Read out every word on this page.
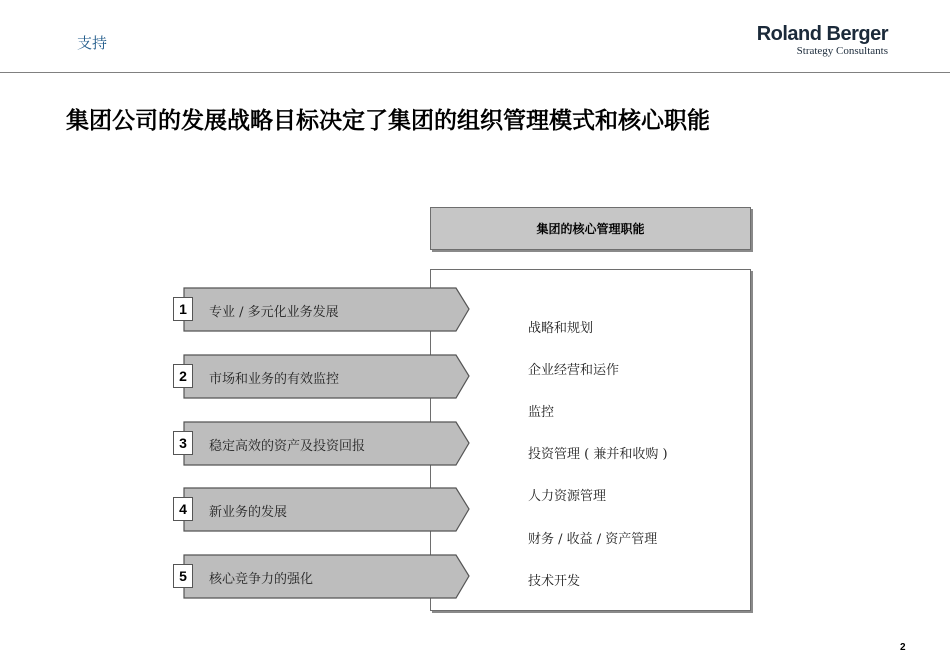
支持	Roland Berger
Strategy Consultants
集团公司的发展战略目标决定了集团的组织管理模式和核心职能
集团的核心管理职能
战略和规划
企业经营和运作
监控
投资管理 ( 兼并和收购 )
人力资源管理
财务 / 收益 / 资产管理
技术开发
1	专业 / 多元化业务发展
2	市场和业务的有效监控
3	稳定高效的资产及投资回报
4	新业务的发展
5	核心竞争力的强化
2
